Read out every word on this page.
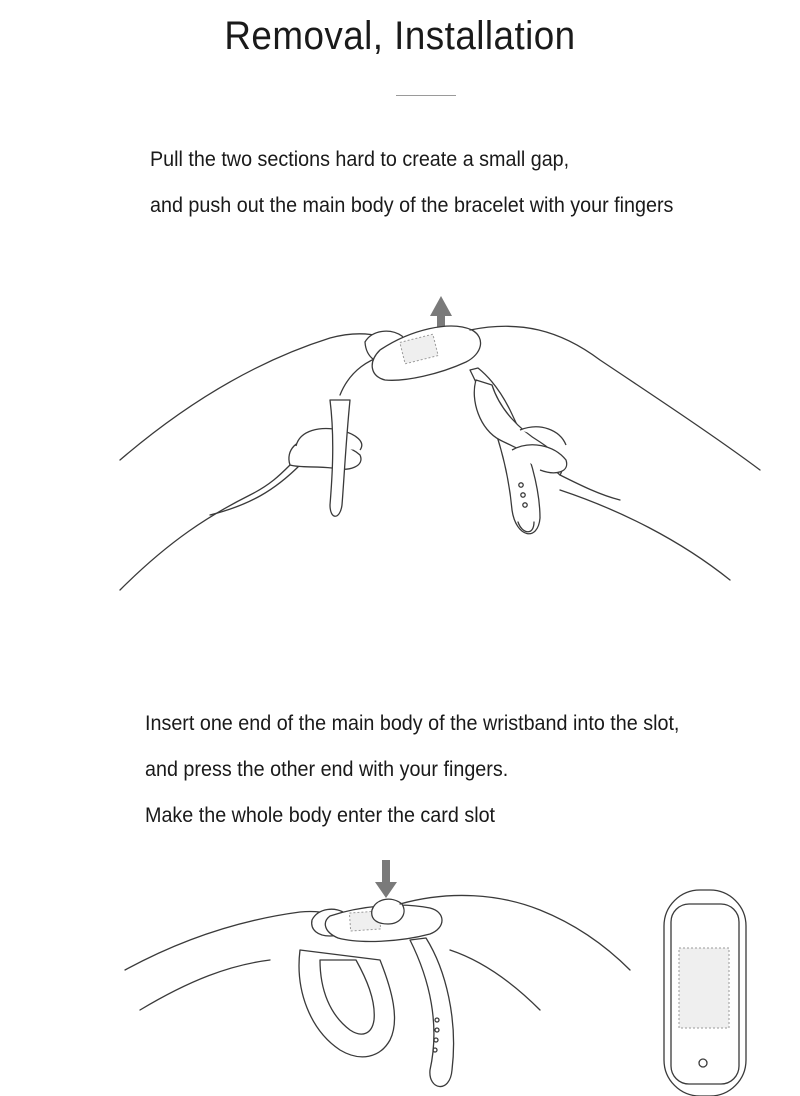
Removal, Installation

Pull the two sections hard to create a small gap,

and push out the main body of the bracelet with your fingers

Insert one end of the main body of the wristband into the slot,

and press the other end with your fingers.

Make the whole body enter the card slot
